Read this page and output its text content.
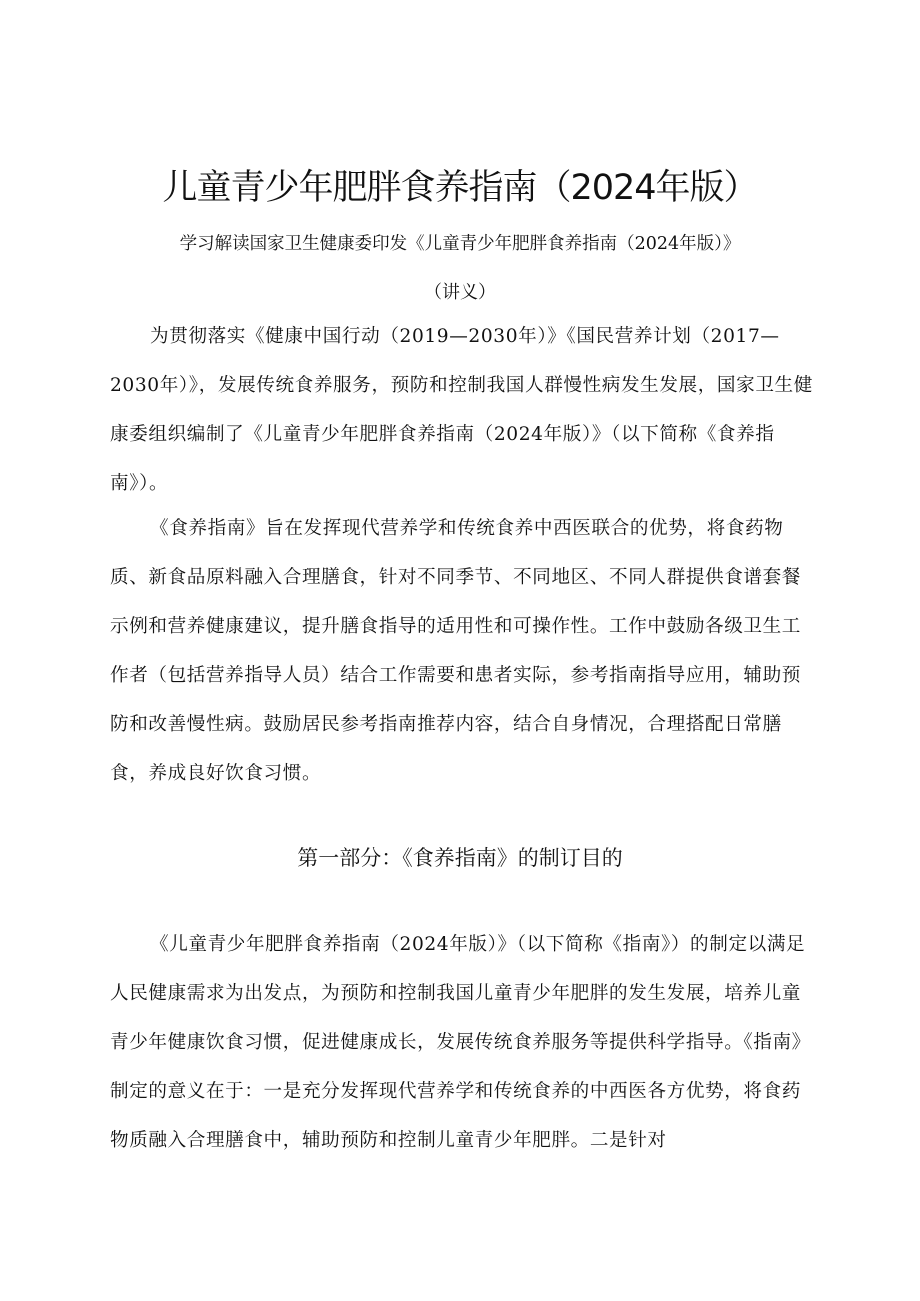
儿童青少年肥胖食养指南（2024年版）

学习解读国家卫生健康委印发《儿童青少年肥胖食养指南（2024年版）》

（讲义）

为贯彻落实《健康中国行动（2019—2030年）》《国民营养计划（2017—2030年）》，发展传统食养服务，预防和控制我国人群慢性病发生发展，国家卫生健康委组织编制了《儿童青少年肥胖食养指南（2024年版）》（以下简称《食养指南》）。

《食养指南》旨在发挥现代营养学和传统食养中西医联合的优势，将食药物质、新食品原料融入合理膳食，针对不同季节、不同地区、不同人群提供食谱套餐示例和营养健康建议，提升膳食指导的适用性和可操作性。工作中鼓励各级卫生工作者（包括营养指导人员）结合工作需要和患者实际，参考指南指导应用，辅助预防和改善慢性病。鼓励居民参考指南推荐内容，结合自身情况，合理搭配日常膳食，养成良好饮食习惯。

第一部分：《食养指南》的制订目的

《儿童青少年肥胖食养指南（2024年版）》（以下简称《指南》）的制定以满足人民健康需求为出发点，为预防和控制我国儿童青少年肥胖的发生发展，培养儿童青少年健康饮食习惯，促进健康成长，发展传统食养服务等提供科学指导。《指南》制定的意义在于：一是充分发挥现代营养学和传统食养的中西医各方优势，将食药物质融入合理膳食中，辅助预防和控制儿童青少年肥胖。二是针对
